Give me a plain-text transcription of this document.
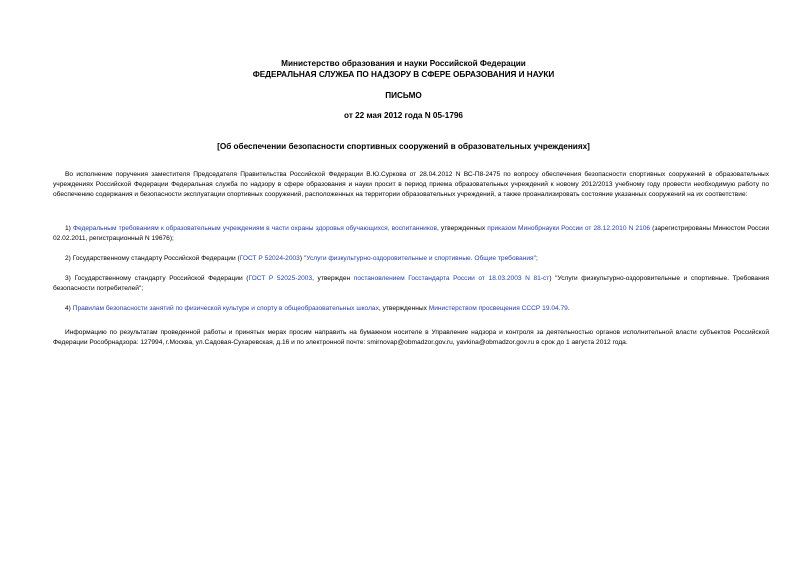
Министерство образования и науки Российской Федерации
ФЕДЕРАЛЬНАЯ СЛУЖБА ПО НАДЗОРУ В СФЕРЕ ОБРАЗОВАНИЯ И НАУКИ
ПИСЬМО
от 22 мая 2012 года N 05-1796
[Об обеспечении безопасности спортивных сооружений в образовательных учреждениях]

Во исполнение поручения заместителя Председателя Правительства Российской Федерации В.Ю.Суркова от 28.04.2012 N ВС-П8-2475 по вопросу обеспечения безопасности спортивных сооружений в образовательных учреждениях Российской Федерации Федеральная служба по надзору в сфере образования и науки просит в период приема образовательных учреждений к новому 2012/2013 учебному году провести необходимую работу по обеспечению содержания и безопасности эксплуатации спортивных сооружений, расположенных на территории образовательных учреждений, а также проанализировать состояние указанных сооружений на их соответствие:

1) Федеральным требованиям к образовательным учреждениям в части охраны здоровья обучающихся, воспитанников, утвержденных приказом Минобрнауки России от 28.12.2010 N 2106 (зарегистрированы Минюстом России 02.02.2011, регистрационный N 19676);

2) Государственному стандарту Российской Федерации (ГОСТ Р 52024-2003) "Услуги физкультурно-оздоровительные и спортивные. Общие требования";

3) Государственному стандарту Российской Федерации (ГОСТ Р 52025-2003, утвержден постановлением Госстандарта России от 18.03.2003 N 81-ст) "Услуги физкультурно-оздоровительные и спортивные. Требования безопасности потребителей";

4) Правилам безопасности занятий по физической культуре и спорту в общеобразовательных школах, утвержденных Министерством просвещения СССР 19.04.79.

Информацию по результатам проведенной работы и принятых мерах просим направить на бумажном носителе в Управление надзора и контроля за деятельностью органов исполнительной власти субъектов Российской Федерации Рособрнадзора: 127994, г.Москва, ул.Садовая-Сухаревская, д.16 и по электронной почте: smirnovap@obmadzor.gov.ru, yavkina@obmadzor.gov.ru в срок до 1 августа 2012 года.
